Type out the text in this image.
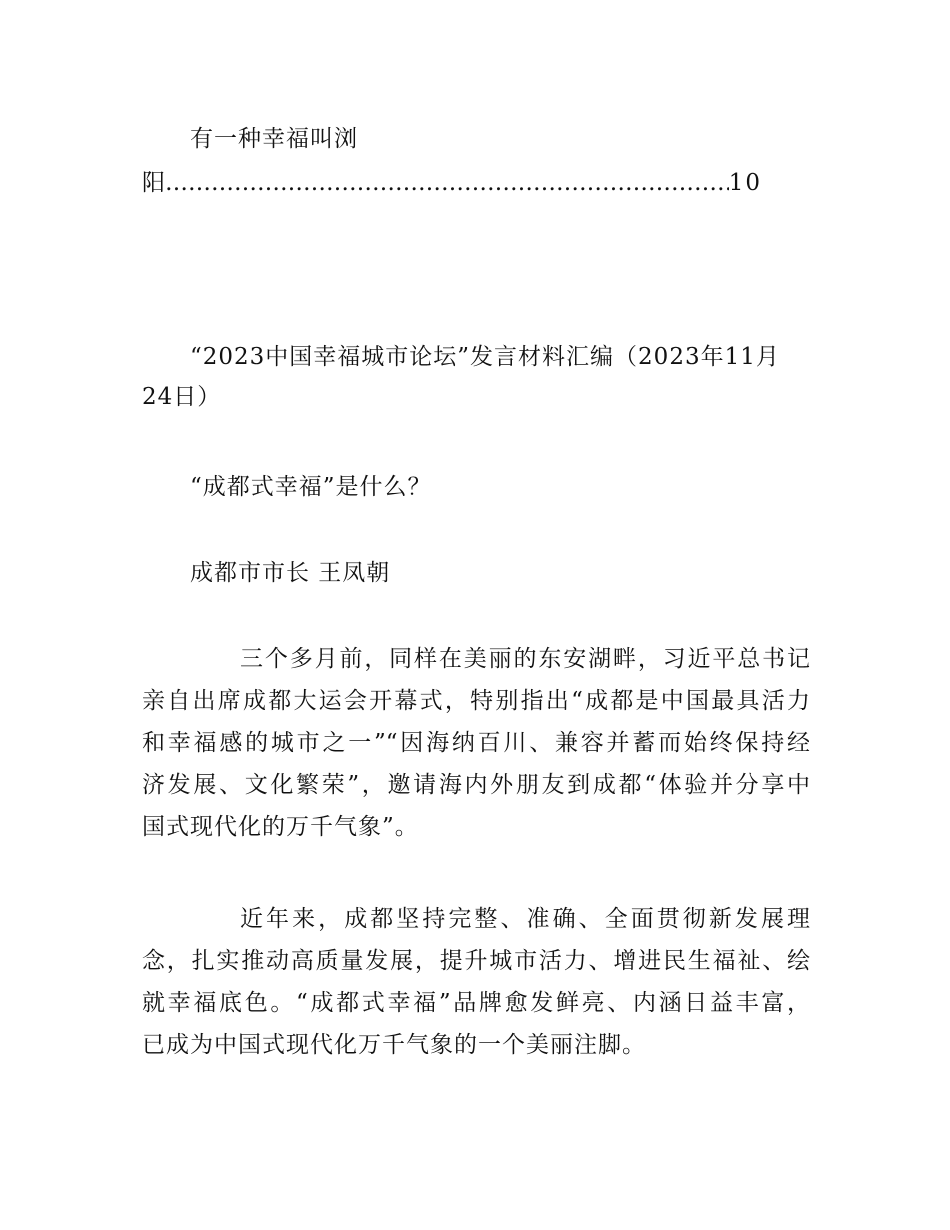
有一种幸福叫浏
阳
………………………………………………………………………………………………………………	10
“2023中国幸福城市论坛”发言材料汇编（2023年11月
24日）
“成都式幸福”是什么？
成都市市长 王凤朝
三个多月前，同样在美丽的东安湖畔，习近平总书记
亲自出席成都大运会开幕式，特别指出“成都是中国最具活力
和幸福感的城市之一”“因海纳百川、兼容并蓄而始终保持经
济发展、文化繁荣”，邀请海内外朋友到成都“体验并分享中
国式现代化的万千气象”。
近年来，成都坚持完整、准确、全面贯彻新发展理
念，扎实推动高质量发展，提升城市活力、增进民生福祉、绘
就幸福底色。“成都式幸福”品牌愈发鲜亮、内涵日益丰富，
已成为中国式现代化万千气象的一个美丽注脚。
